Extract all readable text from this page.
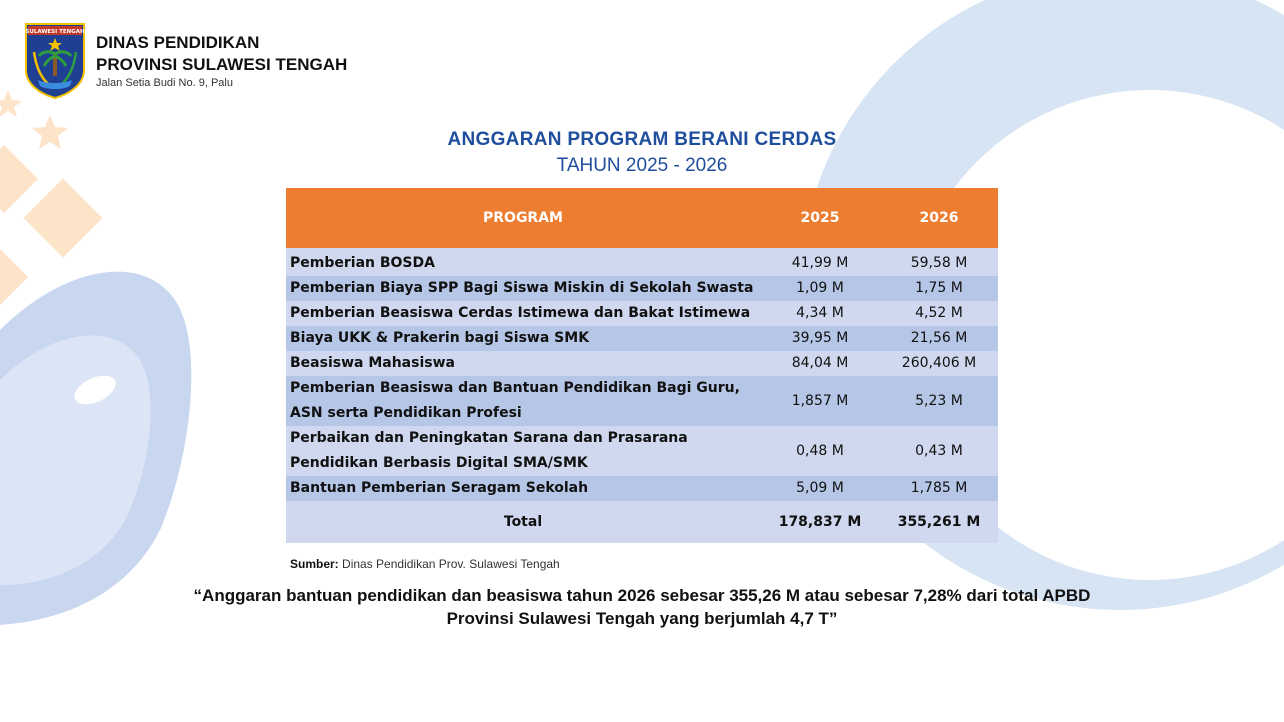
SULAWESI TENGAH
DINAS PENDIDIKAN
PROVINSI SULAWESI TENGAH
Jalan Setia Budi No. 9, Palu
ANGGARAN PROGRAM BERANI CERDAS
TAHUN 2025 - 2026
PROGRAM	2025	2026
Pemberian BOSDA	41,99 M	59,58 M
Pemberian Biaya SPP Bagi Siswa Miskin di Sekolah Swasta	1,09 M	1,75 M
Pemberian Beasiswa Cerdas Istimewa dan Bakat Istimewa	4,34 M	4,52 M
Biaya UKK & Prakerin bagi Siswa SMK	39,95 M	21,56 M
Beasiswa Mahasiswa	84,04 M	260,406 M

Pemberian Beasiswa dan Bantuan Pendidikan Bagi Guru,
ASN serta Pendidikan Profesi	1,857 M	5,23 M

Perbaikan dan Peningkatan Sarana dan Prasarana
Pendidikan Berbasis Digital SMA/SMK	0,48 M	0,43 M
Bantuan Pemberian Seragam Sekolah	5,09 M	1,785 M
Total	178,837 M	355,261 M
Sumber: Dinas Pendidikan Prov. Sulawesi Tengah
“Anggaran bantuan pendidikan dan beasiswa tahun 2026 sebesar 355,26 M atau sebesar 7,28% dari total APBD
Provinsi Sulawesi Tengah yang berjumlah 4,7 T”
